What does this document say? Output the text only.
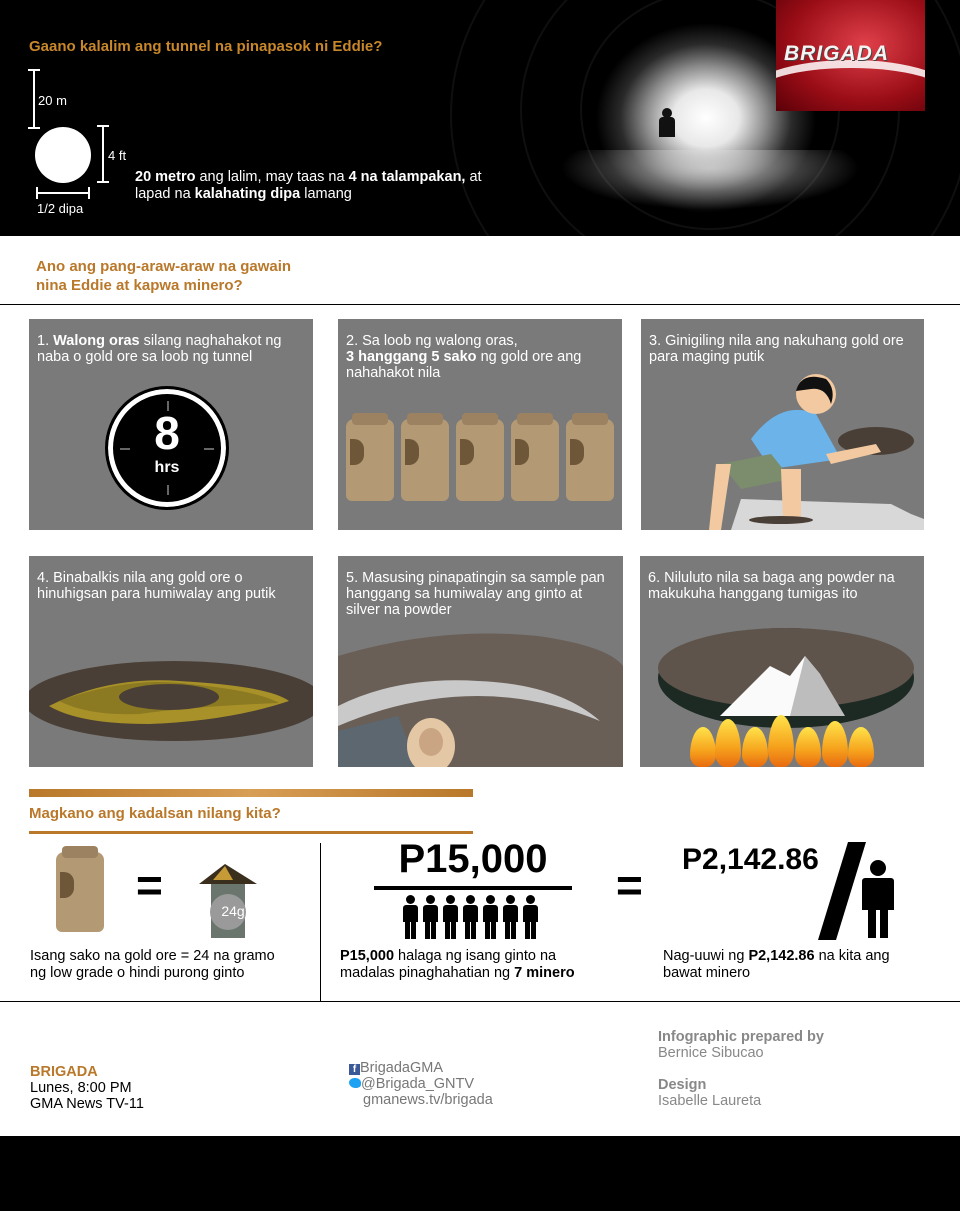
Gaano kalalim ang tunnel na pinapasok ni Eddie?
20 m
4 ft
1/2 dipa
20 metro ang lalim, may taas na 4 na talampakan, at lapad na kalahating dipa lamang
BRIGADA
Ano ang pang-araw-araw na gawain
nina Eddie at kapwa minero?
1. Walong oras silang naghahakot ng naba o gold ore sa loob ng tunnel
8
hrs
2. Sa loob ng walong oras,
3 hanggang 5 sako ng gold ore ang nahahakot nila
3. Ginigiling nila ang nakuhang gold ore para maging putik
4. Binabalkis nila ang gold ore o hinuhigsan para humiwalay ang putik
5. Masusing pinapatingin sa sample pan hanggang sa humiwalay ang ginto at silver na powder
6. Niluluto nila sa baga ang powder na makukuha hanggang tumigas ito
Magkano ang kadalsan nilang kita?
=	24g
Isang sako na gold ore = 24 na gramo
ng low grade o hindi purong ginto
P15,000
P15,000 halaga ng isang ginto na
madalas pinaghahatian ng 7 minero
= P2,142.86
Nag-uuwi ng P2,142.86 na kita ang
bawat minero
BRIGADA
Lunes, 8:00 PM
GMA News TV-11
f BrigadaGMA
@Brigada_GNTV
gmanews.tv/brigada
Infographic prepared by
Bernice Sibucao
Design
Isabelle Laureta
